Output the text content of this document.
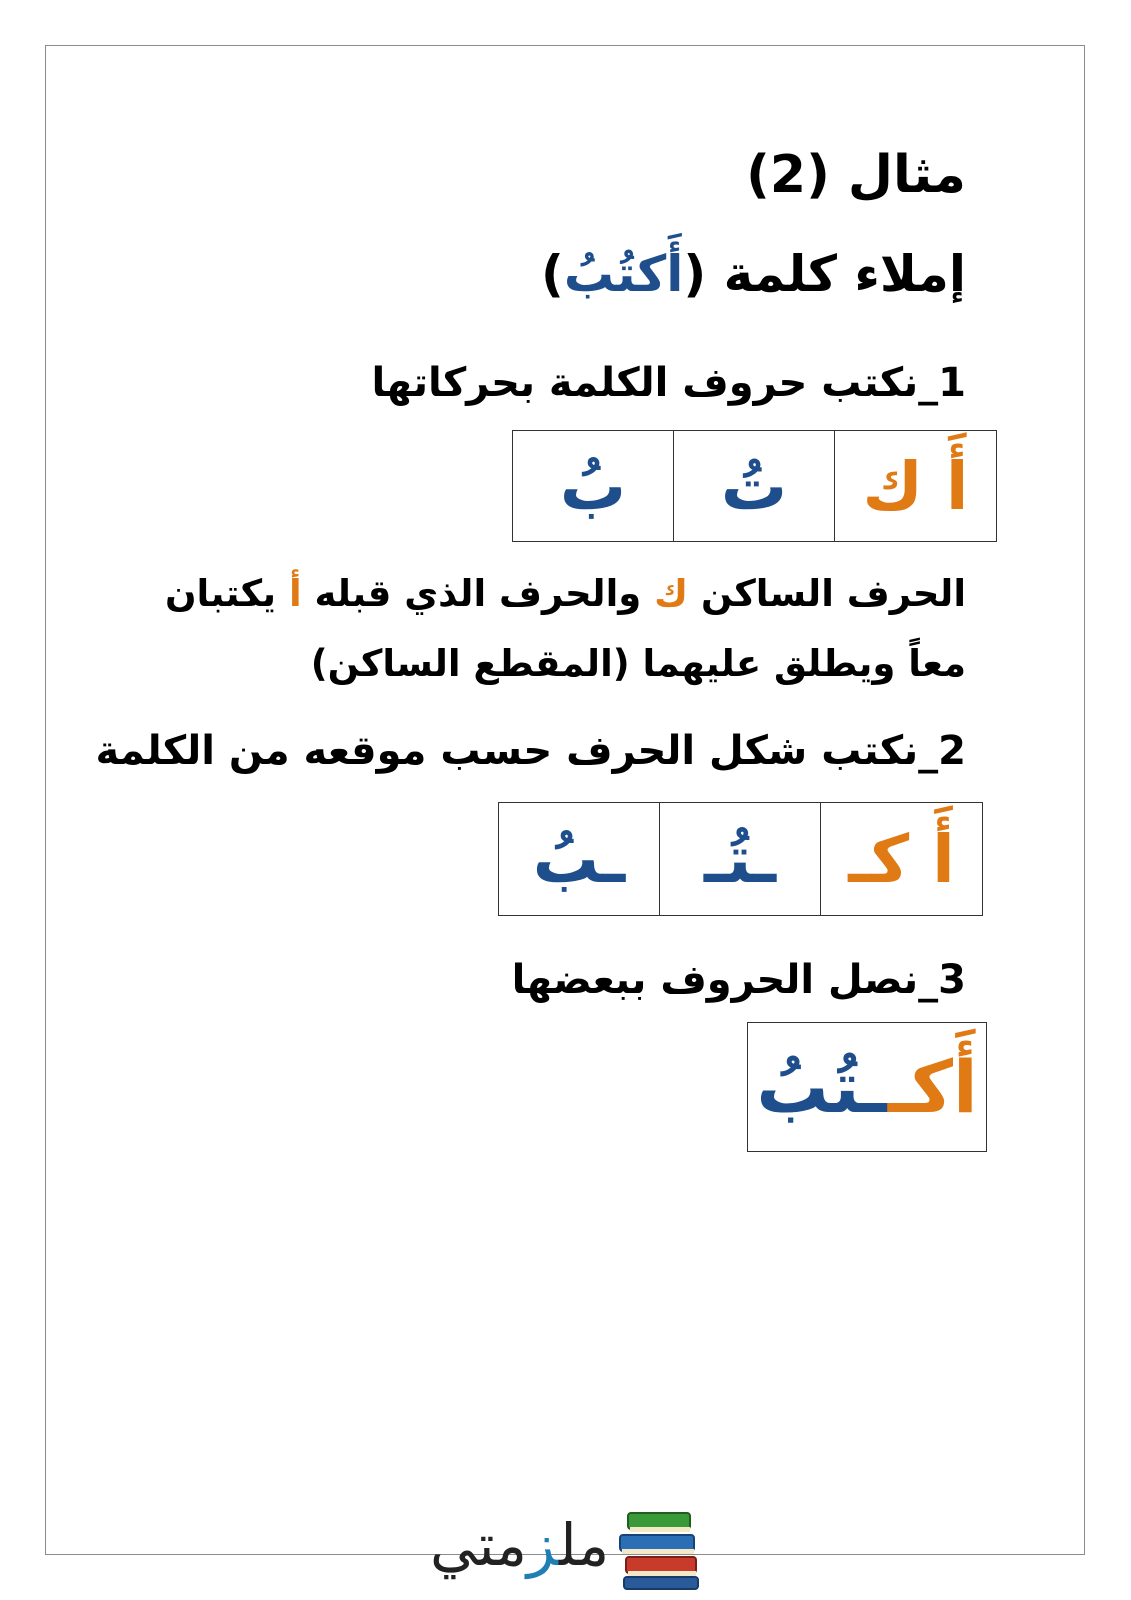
مثال (2)
إملاء كلمة (أَكتُبُ)
1_نكتب حروف الكلمة بحركاتها
أَ ك
تُ
بُ
الحرف الساكن ك والحرف الذي قبله أ يكتبان
معاً ويطلق عليهما (المقطع الساكن)
2_نكتب شكل الحرف حسب موقعه من الكلمة
أَ كـ
ـتُـ
ـبُ
3_نصل الحروف ببعضها
أَكـ
ـتُبُ
ملزمتي
